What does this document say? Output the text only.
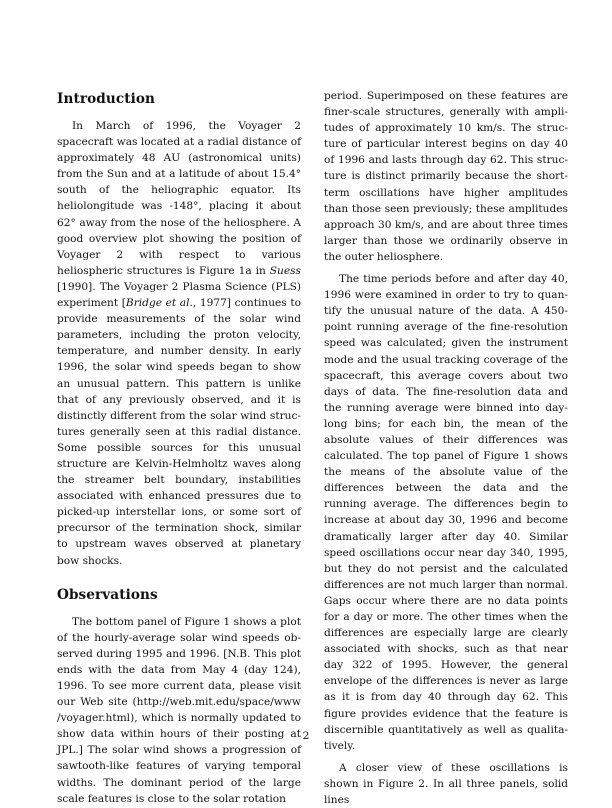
Introduction

In March of 1996, the Voyager 2 spacecraft was located at a radial distance of approximately 48 AU (astronomical units) from the Sun and at a latitude of about 15.4° south of the heliographic equator. Its heliolongitude was -148°, placing it about 62° away from the nose of the heliosphere. A good overview plot showing the position of Voyager 2 with respect to various heliospheric structures is Figure 1a in Suess [1990]. The Voyager 2 Plasma Science (PLS) experiment [Bridge et al., 1977] continues to provide measurements of the solar wind parameters, including the proton velocity, temperature, and number density. In early 1996, the solar wind speeds began to show an unusual pattern. This pattern is unlike that of any previously observed, and it is distinctly different from the solar wind structures generally seen at this radial distance. Some possible sources for this unusual structure are Kelvin-Helmholtz waves along the streamer belt boundary, instabilities associated with enhanced pressures due to picked-up interstellar ions, or some sort of precursor of the termination shock, similar to upstream waves observed at planetary bow shocks.

Observations

The bottom panel of Figure 1 shows a plot of the hourly-average solar wind speeds observed during 1995 and 1996. [N.B. This plot ends with the data from May 4 (day 124), 1996. To see more current data, please visit our Web site (http://web.mit.edu/space/www /voyager.html), which is normally updated to show data within hours of their posting at JPL.] The solar wind shows a progression of sawtooth-like features of varying temporal widths. The dominant period of the large scale features is close to the solar rotation

period. Superimposed on these features are finer-scale structures, generally with amplitudes of approximately 10 km/s. The structure of particular interest begins on day 40 of 1996 and lasts through day 62. This structure is distinct primarily because the short-term oscillations have higher amplitudes than those seen previously; these amplitudes approach 30 km/s, and are about three times larger than those we ordinarily observe in the outer heliosphere.

The time periods before and after day 40, 1996 were examined in order to try to quantify the unusual nature of the data. A 450-point running average of the fine-resolution speed was calculated; given the instrument mode and the usual tracking coverage of the spacecraft, this average covers about two days of data. The fine-resolution data and the running average were binned into day-long bins; for each bin, the mean of the absolute values of their differences was calculated. The top panel of Figure 1 shows the means of the absolute value of the differences between the data and the running average. The differences begin to increase at about day 30, 1996 and become dramatically larger after day 40. Similar speed oscillations occur near day 340, 1995, but they do not persist and the calculated differences are not much larger than normal. Gaps occur where there are no data points for a day or more. The other times when the differences are especially large are clearly associated with shocks, such as that near day 322 of 1995. However, the general envelope of the differences is never as large as it is from day 40 through day 62. This figure provides evidence that the feature is discernible quantitatively as well as qualitatively.

A closer view of these oscillations is shown in Figure 2. In all three panels, solid lines

2
